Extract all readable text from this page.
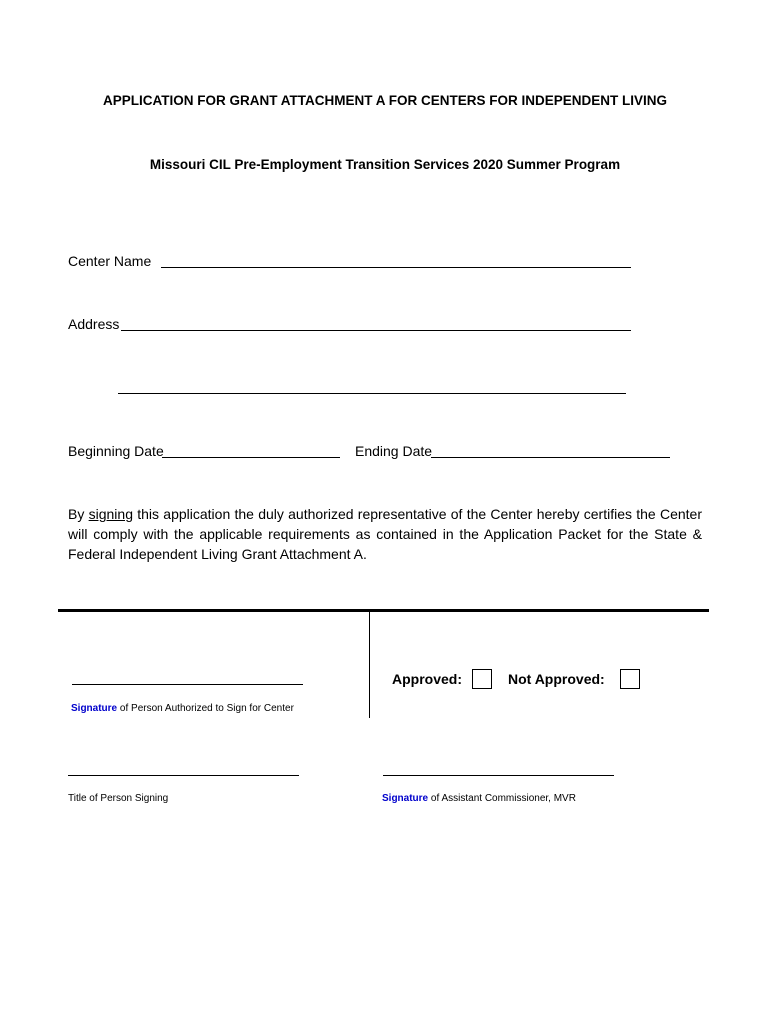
APPLICATION FOR GRANT ATTACHMENT A FOR CENTERS FOR INDEPENDENT LIVING
Missouri CIL Pre-Employment Transition Services 2020 Summer Program
Center Name
Address
Beginning Date	Ending Date
By signing this application the duly authorized representative of the Center hereby certifies the Center will comply with the applicable requirements as contained in the Application Packet for the State & Federal Independent Living Grant Attachment A.
Signature of Person Authorized to Sign for Center
Approved:	Not Approved:
Title of Person Signing	Signature of Assistant Commissioner, MVR
